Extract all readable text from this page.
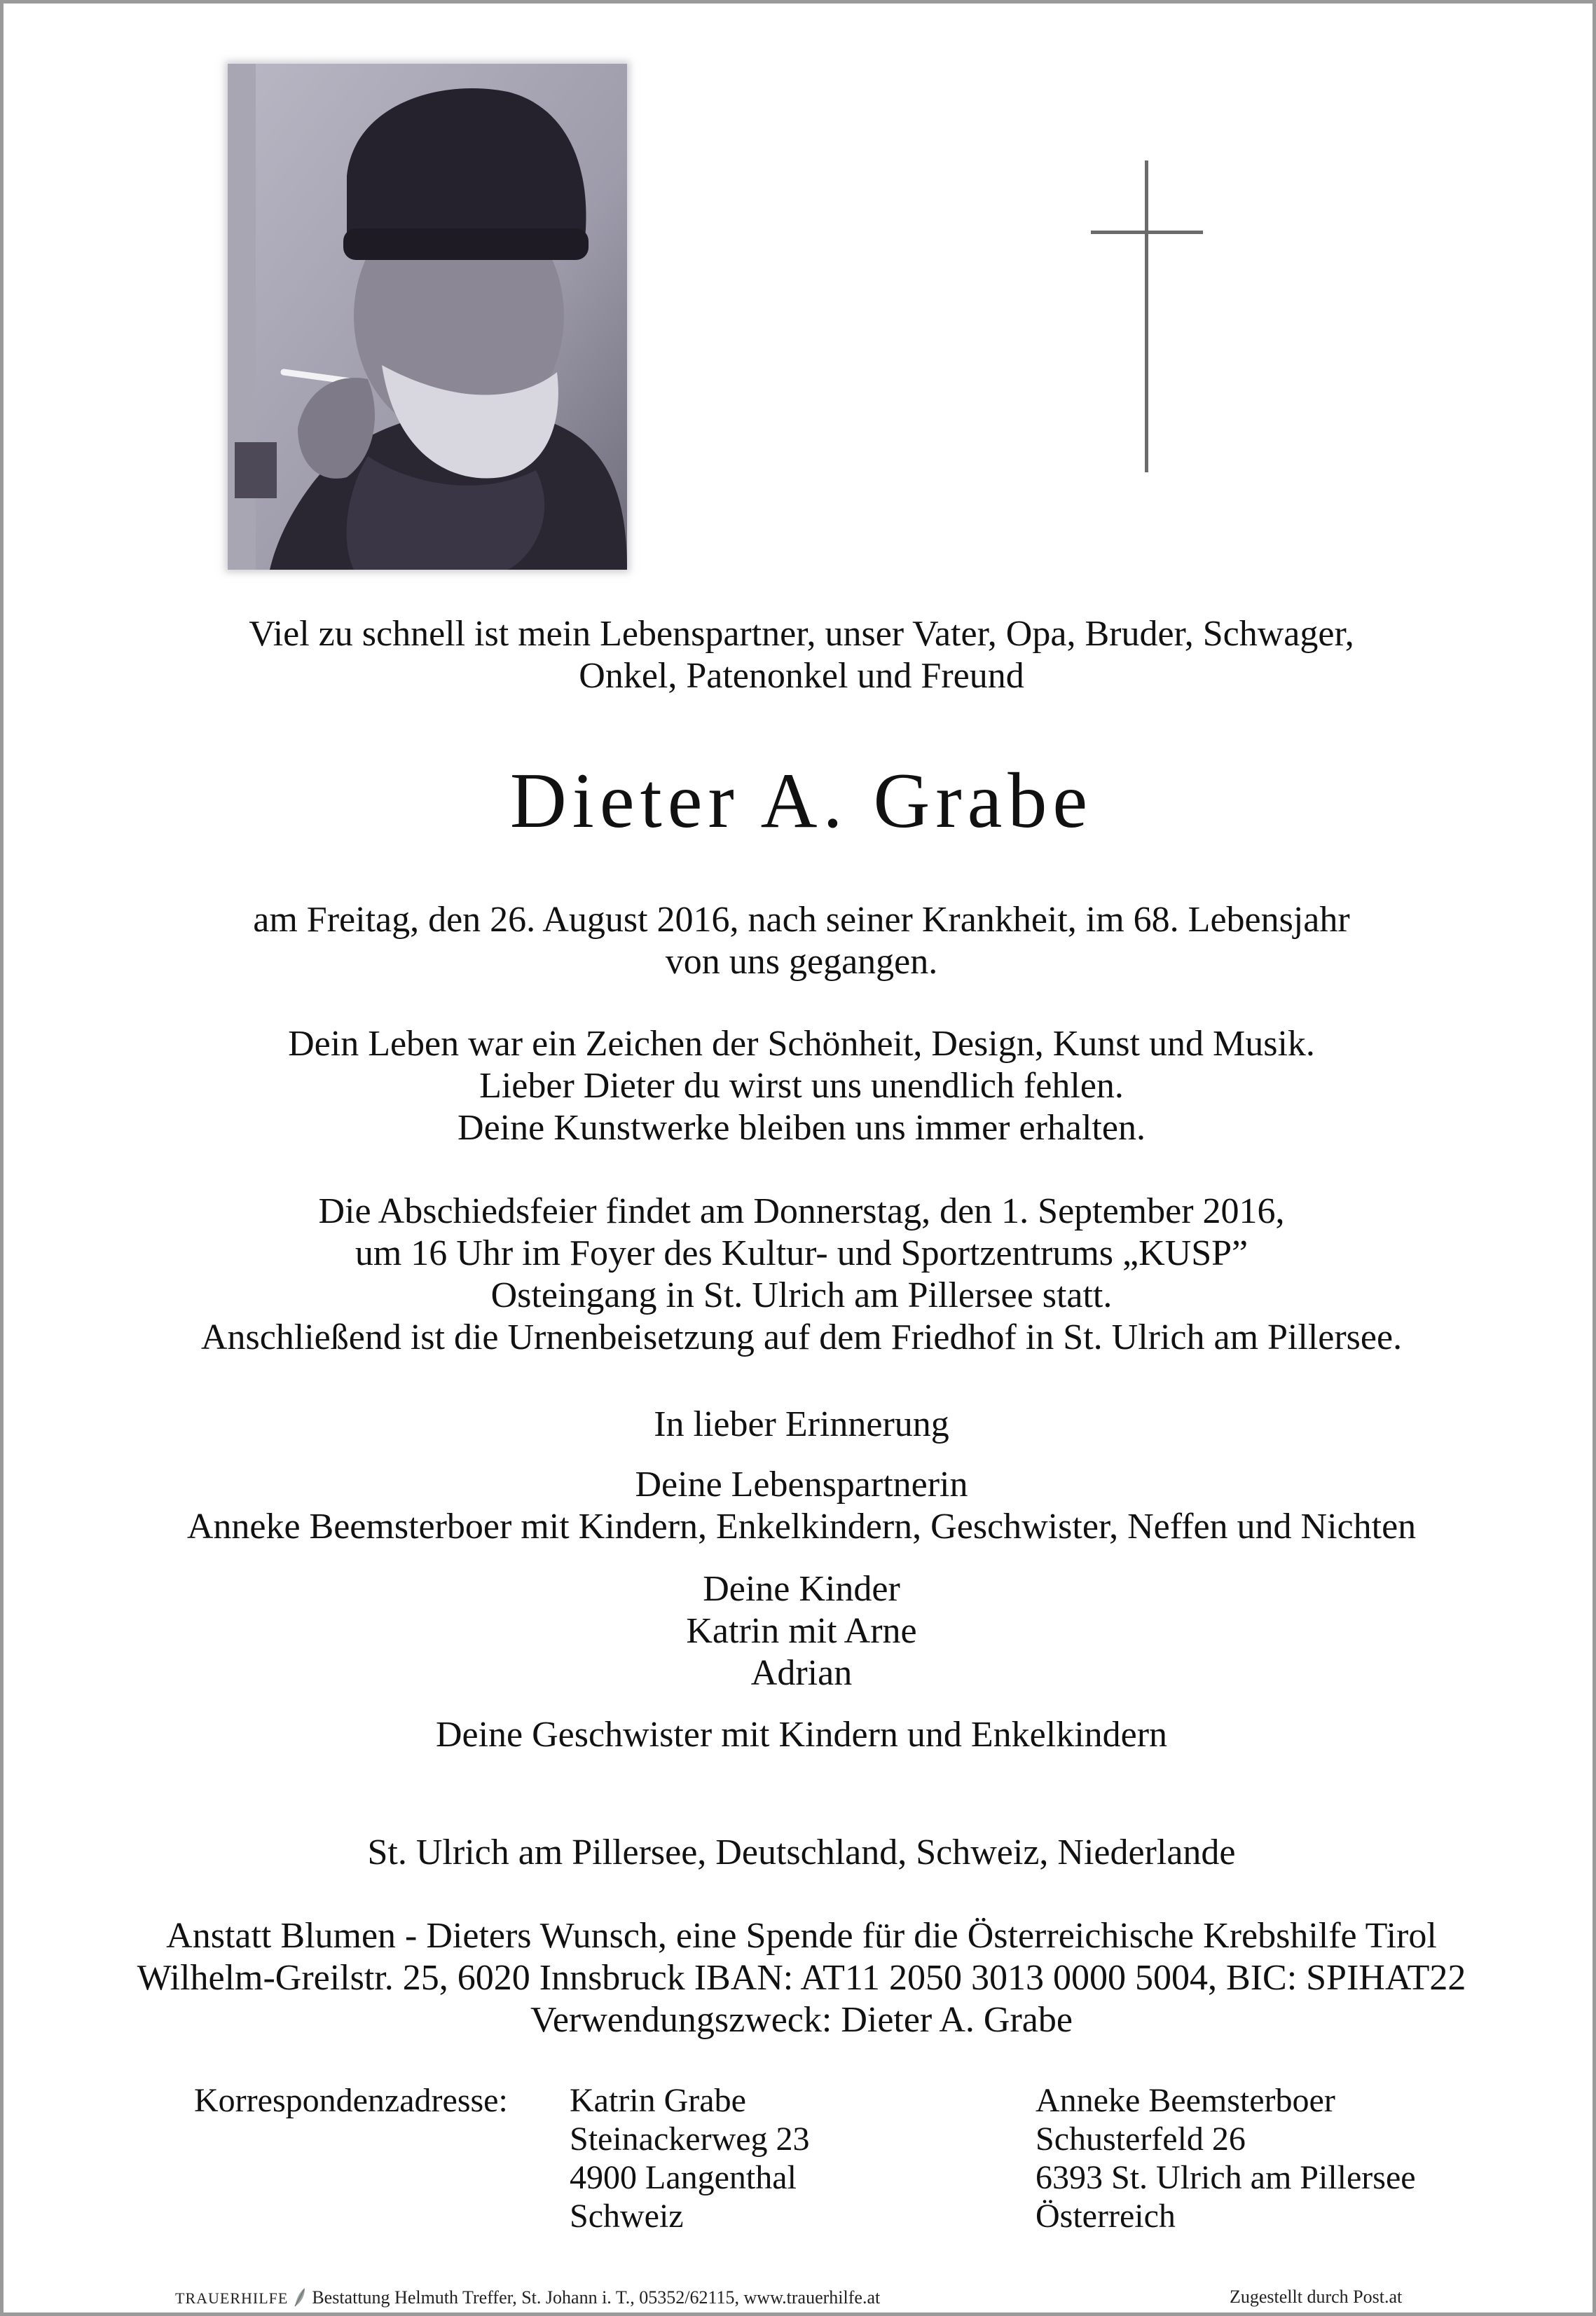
Viel zu schnell ist mein Lebenspartner, unser Vater, Opa, Bruder, Schwager,
Onkel, Patenonkel und Freund
Dieter A. Grabe
am Freitag, den 26. August 2016, nach seiner Krankheit, im 68. Lebensjahr
von uns gegangen.
Dein Leben war ein Zeichen der Schönheit, Design, Kunst und Musik.
Lieber Dieter du wirst uns unendlich fehlen.
Deine Kunstwerke bleiben uns immer erhalten.
Die Abschiedsfeier findet am Donnerstag, den 1. September 2016,
um 16 Uhr im Foyer des Kultur- und Sportzentrums „KUSP”
Osteingang in St. Ulrich am Pillersee statt.
Anschließend ist die Urnenbeisetzung auf dem Friedhof in St. Ulrich am Pillersee.
In lieber Erinnerung
Deine Lebenspartnerin
Anneke Beemsterboer mit Kindern, Enkelkindern, Geschwister, Neffen und Nichten
Deine Kinder
Katrin mit Arne
Adrian
Deine Geschwister mit Kindern und Enkelkindern
St. Ulrich am Pillersee, Deutschland, Schweiz, Niederlande
Anstatt Blumen - Dieters Wunsch, eine Spende für die Österreichische Krebshilfe Tirol
Wilhelm-Greilstr. 25, 6020 Innsbruck IBAN: AT11 2050 3013 0000 5004, BIC: SPIHAT22
Verwendungszweck: Dieter A. Grabe
Korrespondenzadresse: Katrin Grabe
Steinackerweg 23
4900 Langenthal
Schweiz
Anneke Beemsterboer
Schusterfeld 26
6393 St. Ulrich am Pillersee
Österreich
TRAUERHILFE Bestattung Helmuth Treffer, St. Johann i. T., 05352/62115, www.trauerhilfe.at	Zugestellt durch Post.at
